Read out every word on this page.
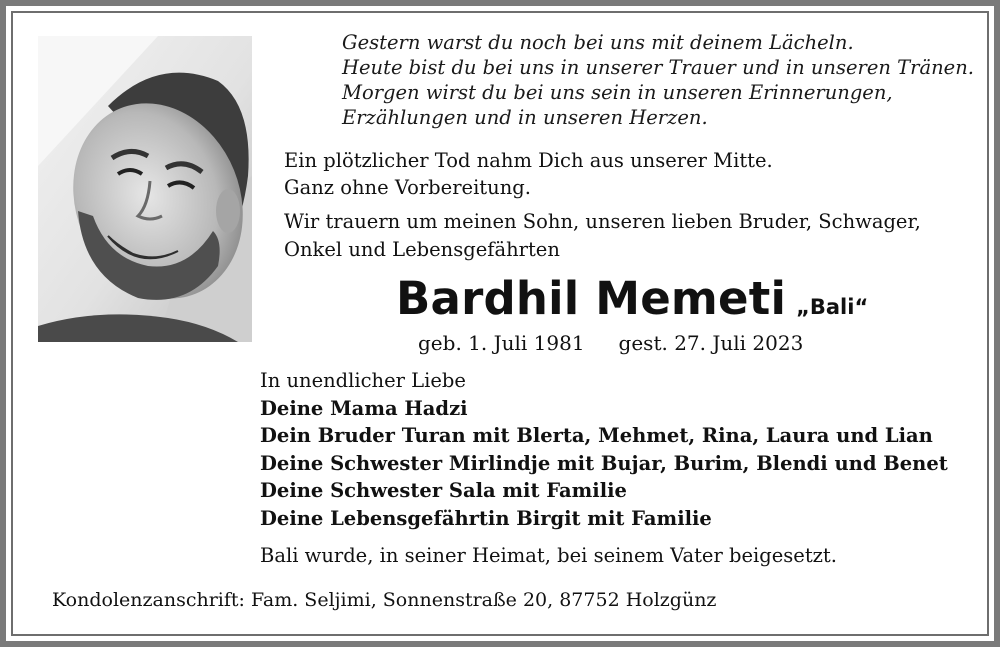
Gestern warst du noch bei uns mit deinem Lächeln.
Heute bist du bei uns in unserer Trauer und in unseren Tränen.
Morgen wirst du bei uns sein in unseren Erinnerungen,
Erzählungen und in unseren Herzen.
Ein plötzlicher Tod nahm Dich aus unserer Mitte.
Ganz ohne Vorbereitung.
Wir trauern um meinen Sohn, unseren lieben Bruder, Schwager,
Onkel und Lebensgefährten
Bardhil Memeti „Bali“
geb. 1. Juli 1981 gest. 27. Juli 2023
In unendlicher Liebe
Deine Mama Hadzi
Dein Bruder Turan mit Blerta, Mehmet, Rina, Laura und Lian
Deine Schwester Mirlindje mit Bujar, Burim, Blendi und Benet
Deine Schwester Sala mit Familie
Deine Lebensgefährtin Birgit mit Familie
Bali wurde, in seiner Heimat, bei seinem Vater beigesetzt.
Kondolenzanschrift: Fam. Seljimi, Sonnenstraße 20, 87752 Holzgünz
